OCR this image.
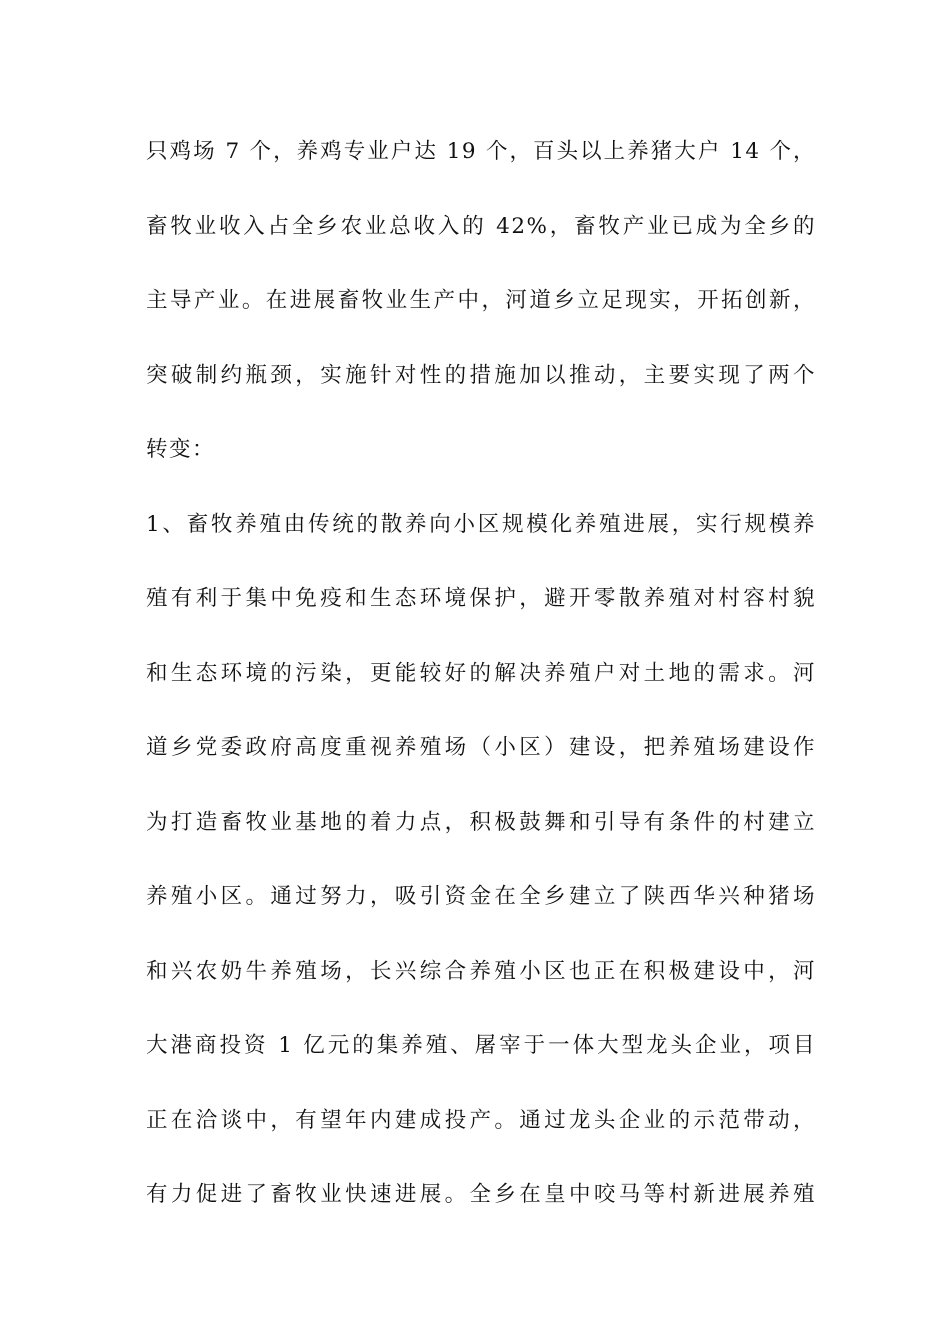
只鸡场 7 个，养鸡专业户达 19 个，百头以上养猪大户 14 个，
畜牧业收入占全乡农业总收入的 42%，畜牧产业已成为全乡的
主导产业。在进展畜牧业生产中，河道乡立足现实，开拓创新，
突破制约瓶颈，实施针对性的措施加以推动，主要实现了两个
转变：
1、畜牧养殖由传统的散养向小区规模化养殖进展，实行规模养
殖有利于集中免疫和生态环境保护，避开零散养殖对村容村貌
和生态环境的污染，更能较好的解决养殖户对土地的需求。河
道乡党委政府高度重视养殖场（小区）建设，把养殖场建设作
为打造畜牧业基地的着力点，积极鼓舞和引导有条件的村建立
养殖小区。通过努力，吸引资金在全乡建立了陕西华兴种猪场
和兴农奶牛养殖场，长兴综合养殖小区也正在积极建设中，河
大港商投资 1 亿元的集养殖、屠宰于一体大型龙头企业，项目
正在洽谈中，有望年内建成投产。通过龙头企业的示范带动，
有力促进了畜牧业快速进展。全乡在皇中咬马等村新进展养殖
